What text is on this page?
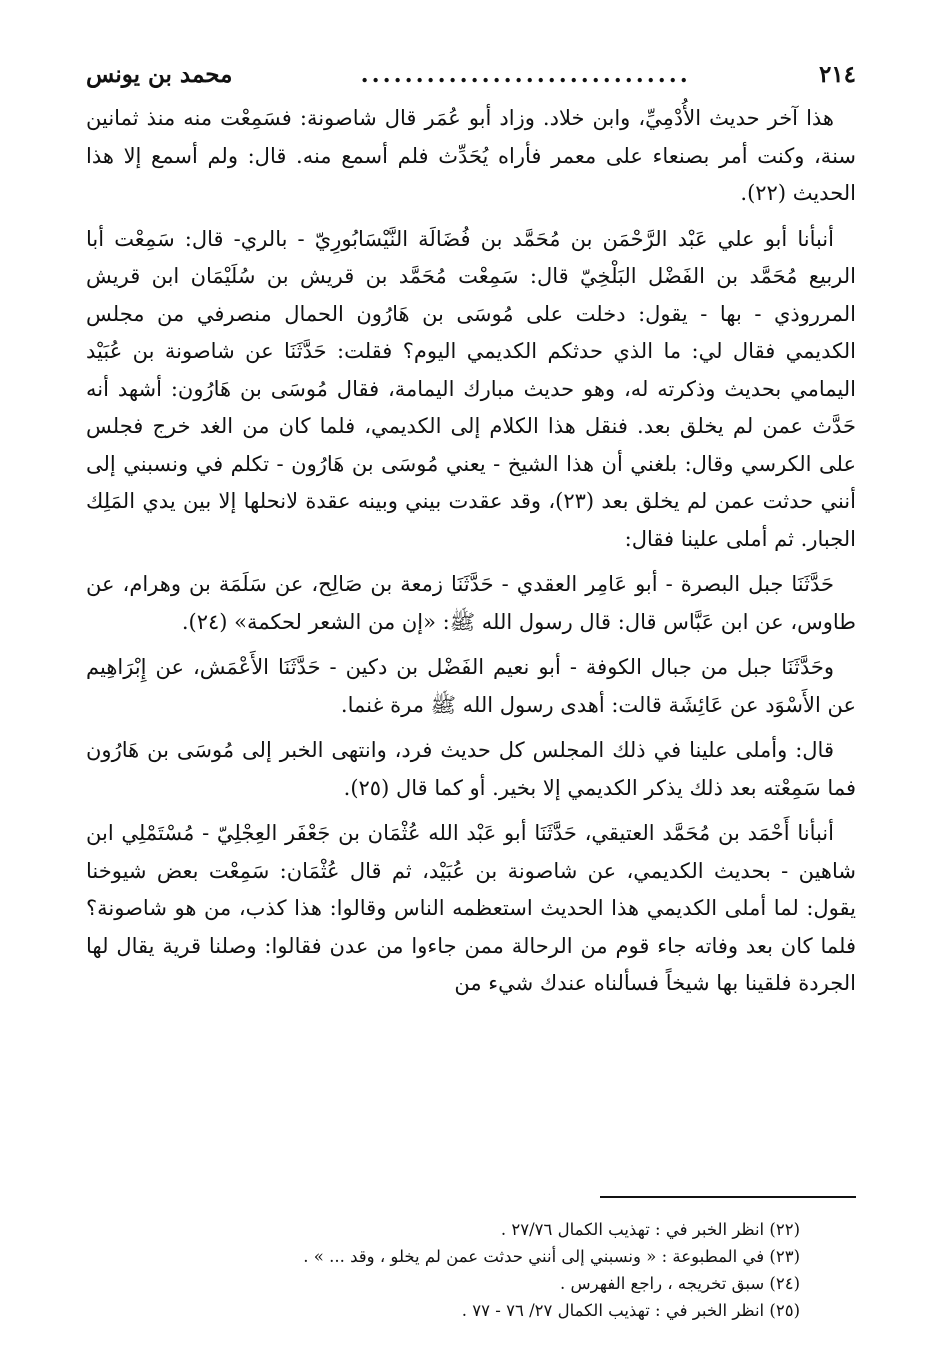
٢١٤
..............................
محمد بن يونس

هذا آخر حديث الأُدْمِيِّ، وابن خلاد. وزاد أبو عُمَر قال شاصونة: فسَمِعْت منه منذ ثمانين سنة، وكنت أمر بصنعاء على معمر فأراه يُحَدِّث فلم أسمع منه. قال: ولم أسمع إلا هذا الحديث (٢٢).

أنبأنا أبو علي عَبْد الرَّحْمَن بن مُحَمَّد بن فُضَالَة النَّيْسَابُورِيّ - بالري- قال: سَمِعْت أبا الربيع مُحَمَّد بن الفَضْل البَلْخِيّ قال: سَمِعْت مُحَمَّد بن قريش بن سُلَيْمَان ابن قريش المرروذي - بها - يقول: دخلت على مُوسَى بن هَارُون الحمال منصرفي من مجلس الكديمي فقال لي: ما الذي حدثكم الكديمي اليوم؟ فقلت: حَدَّثَنَا عن شاصونة بن عُبَيْد اليمامي بحديث وذكرته له، وهو حديث مبارك اليمامة، فقال مُوسَى بن هَارُون: أشهد أنه حَدَّث عمن لم يخلق بعد. فنقل هذا الكلام إلى الكديمي، فلما كان من الغد خرج فجلس على الكرسي وقال: بلغني أن هذا الشيخ - يعني مُوسَى بن هَارُون - تكلم في ونسبني إلى أنني حدثت عمن لم يخلق بعد (٢٣)، وقد عقدت بيني وبينه عقدة لانحلها إلا بين يدي المَلِك الجبار. ثم أملى علينا فقال:

حَدَّثَنَا جبل البصرة - أبو عَامِر العقدي - حَدَّثَنَا زمعة بن صَالِح، عن سَلَمَة بن وهرام، عن طاوس، عن ابن عَبَّاس قال: قال رسول الله ﷺ: «إن من الشعر لحكمة» (٢٤).

وحَدَّثَنَا جبل من جبال الكوفة - أبو نعيم الفَضْل بن دكين - حَدَّثَنَا الأَعْمَش، عن إِبْرَاهِيم عن الأَسْوَد عن عَائِشَة قالت: أهدى رسول الله ﷺ مرة غنما.

قال: وأملى علينا في ذلك المجلس كل حديث فرد، وانتهى الخبر إلى مُوسَى بن هَارُون فما سَمِعْته بعد ذلك يذكر الكديمي إلا بخير. أو كما قال (٢٥).

أنبأنا أَحْمَد بن مُحَمَّد العتيقي، حَدَّثَنَا أبو عَبْد الله عُثْمَان بن جَعْفَر العِجْلِيّ - مُسْتَمْلِي ابن شاهين - بحديث الكديمي، عن شاصونة بن عُبَيْد، ثم قال عُثْمَان: سَمِعْت بعض شيوخنا يقول: لما أملى الكديمي هذا الحديث استعظمه الناس وقالوا: هذا كذب، من هو شاصونة؟ فلما كان بعد وفاته جاء قوم من الرحالة ممن جاءوا من عدن فقالوا: وصلنا قرية يقال لها الجردة فلقينا بها شيخاً فسألناه عندك شيء من

(٢٢) انظر الخبر في : تهذيب الكمال ٢٧/٧٦ .
(٢٣) في المطبوعة : « ونسبني إلى أنني حدثت عمن لم يخلو ، وقد ... » .
(٢٤) سبق تخريجه ، راجع الفهرس .
(٢٥) انظر الخبر في : تهذيب الكمال ٢٧/ ٧٦ - ٧٧ .
